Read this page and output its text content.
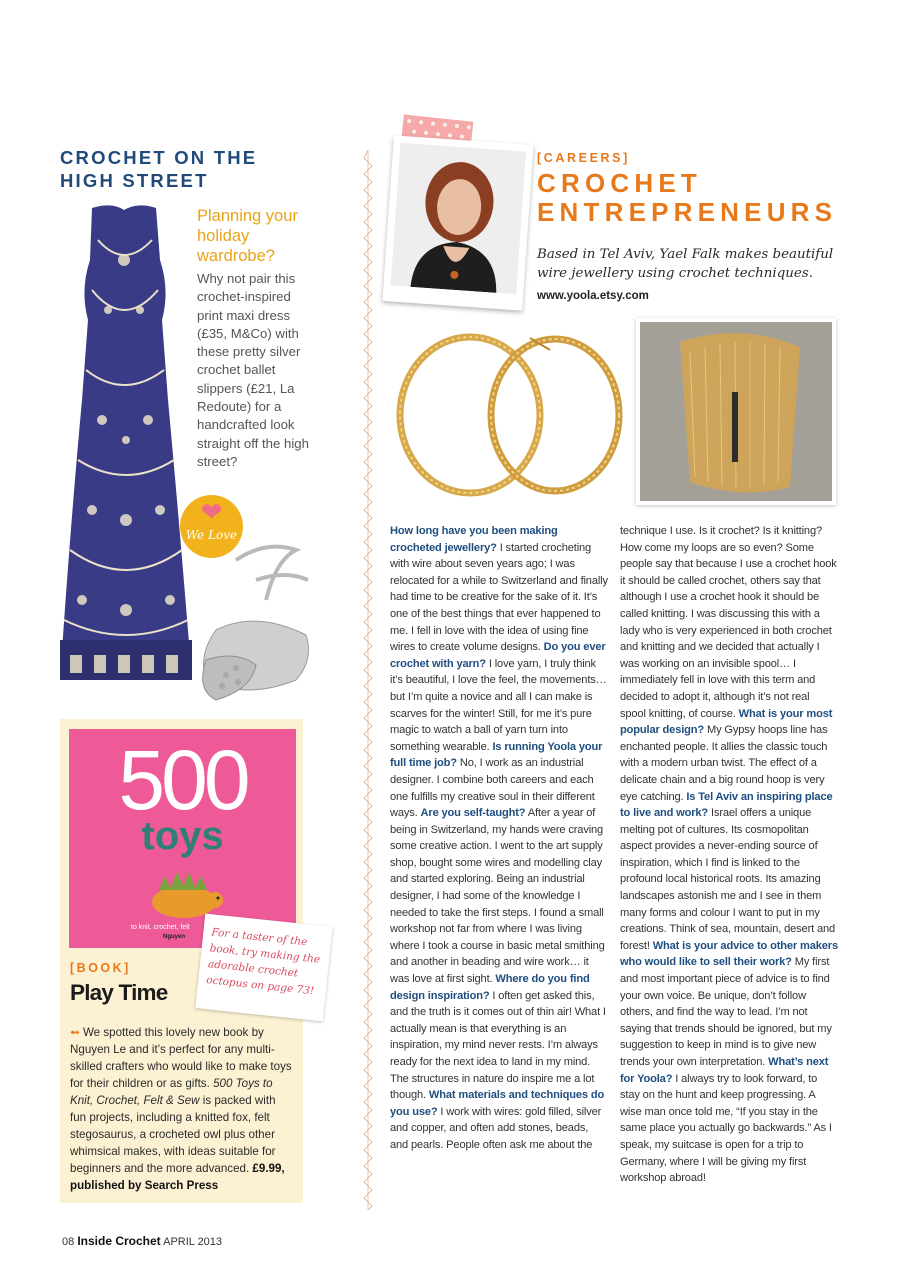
CROCHET ON THE HIGH STREET
Planning your holiday wardrobe?
Why not pair this crochet-inspired print maxi dress (£35, M&Co) with these pretty silver crochet ballet slippers (£21, La Redoute) for a handcrafted look straight off the high street?
❤
We Love
500
toys
to knit, crochet, felt
Nguyen	For a taster of the book, try making the adorable crochet octopus on page 73!
[BOOK]
Play Time
➻ We spotted this lovely new book by Nguyen Le and it’s perfect for any multi-skilled crafters who would like to make toys for their children or as gifts. 500 Toys to Knit, Crochet, Felt & Sew is packed with fun projects, including a knitted fox, felt stegosaurus, a crocheted owl plus other whimsical makes, with ideas suitable for beginners and the more advanced. £9.99, published by Search Press
[CAREERS]
CROCHET ENTREPRENEURS
Based in Tel Aviv, Yael Falk makes beautiful wire jewellery using crochet techniques.
www.yoola.etsy.com
How long have you been making crocheted jewellery? I started crocheting with wire about seven years ago; I was relocated for a while to Switzerland and finally had time to be creative for the sake of it. It’s one of the best things that ever happened to me. I fell in love with the idea of using fine wires to create volume designs. Do you ever crochet with yarn? I love yarn, I truly think it’s beautiful, I love the feel, the movements… but I’m quite a novice and all I can make is scarves for the winter! Still, for me it’s pure magic to watch a ball of yarn turn into something wearable. Is running Yoola your full time job? No, I work as an industrial designer. I combine both careers and each one fulfills my creative soul in their different ways. Are you self-taught? After a year of being in Switzerland, my hands were craving some creative action. I went to the art supply shop, bought some wires and modelling clay and started exploring. Being an industrial designer, I had some of the knowledge I needed to take the first steps. I found a small workshop not far from where I was living where I took a course in basic metal smithing and another in beading and wire work… it was love at first sight. Where do you find design inspiration? I often get asked this, and the truth is it comes out of thin air! What I actually mean is that everything is an inspiration, my mind never rests. I’m always ready for the next idea to land in my mind. The structures in nature do inspire me a lot though. What materials and techniques do you use? I work with wires: gold filled, silver and copper, and often add stones, beads, and pearls. People often ask me about the
technique I use. Is it crochet? Is it knitting? How come my loops are so even? Some people say that because I use a crochet hook it should be called crochet, others say that although I use a crochet hook it should be called knitting. I was discussing this with a lady who is very experienced in both crochet and knitting and we decided that actually I was working on an invisible spool… I immediately fell in love with this term and decided to adopt it, although it’s not real spool knitting, of course. What is your most popular design? My Gypsy hoops line has enchanted people. It allies the classic touch with a modern urban twist. The effect of a delicate chain and a big round hoop is very eye catching. Is Tel Aviv an inspiring place to live and work? Israel offers a unique melting pot of cultures. Its cosmopolitan aspect provides a never-ending source of inspiration, which I find is linked to the profound local historical roots. Its amazing landscapes astonish me and I see in them many forms and colour I want to put in my creations. Think of sea, mountain, desert and forest! What is your advice to other makers who would like to sell their work? My first and most important piece of advice is to find your own voice. Be unique, don’t follow others, and find the way to lead. I’m not saying that trends should be ignored, but my suggestion to keep in mind is to give new trends your own interpretation. What’s next for Yoola? I always try to look forward, to stay on the hunt and keep progressing. A wise man once told me, “If you stay in the same place you actually go backwards.” As I speak, my suitcase is open for a trip to Germany, where I will be giving my first workshop abroad!
08 Inside Crochet APRIL 2013
